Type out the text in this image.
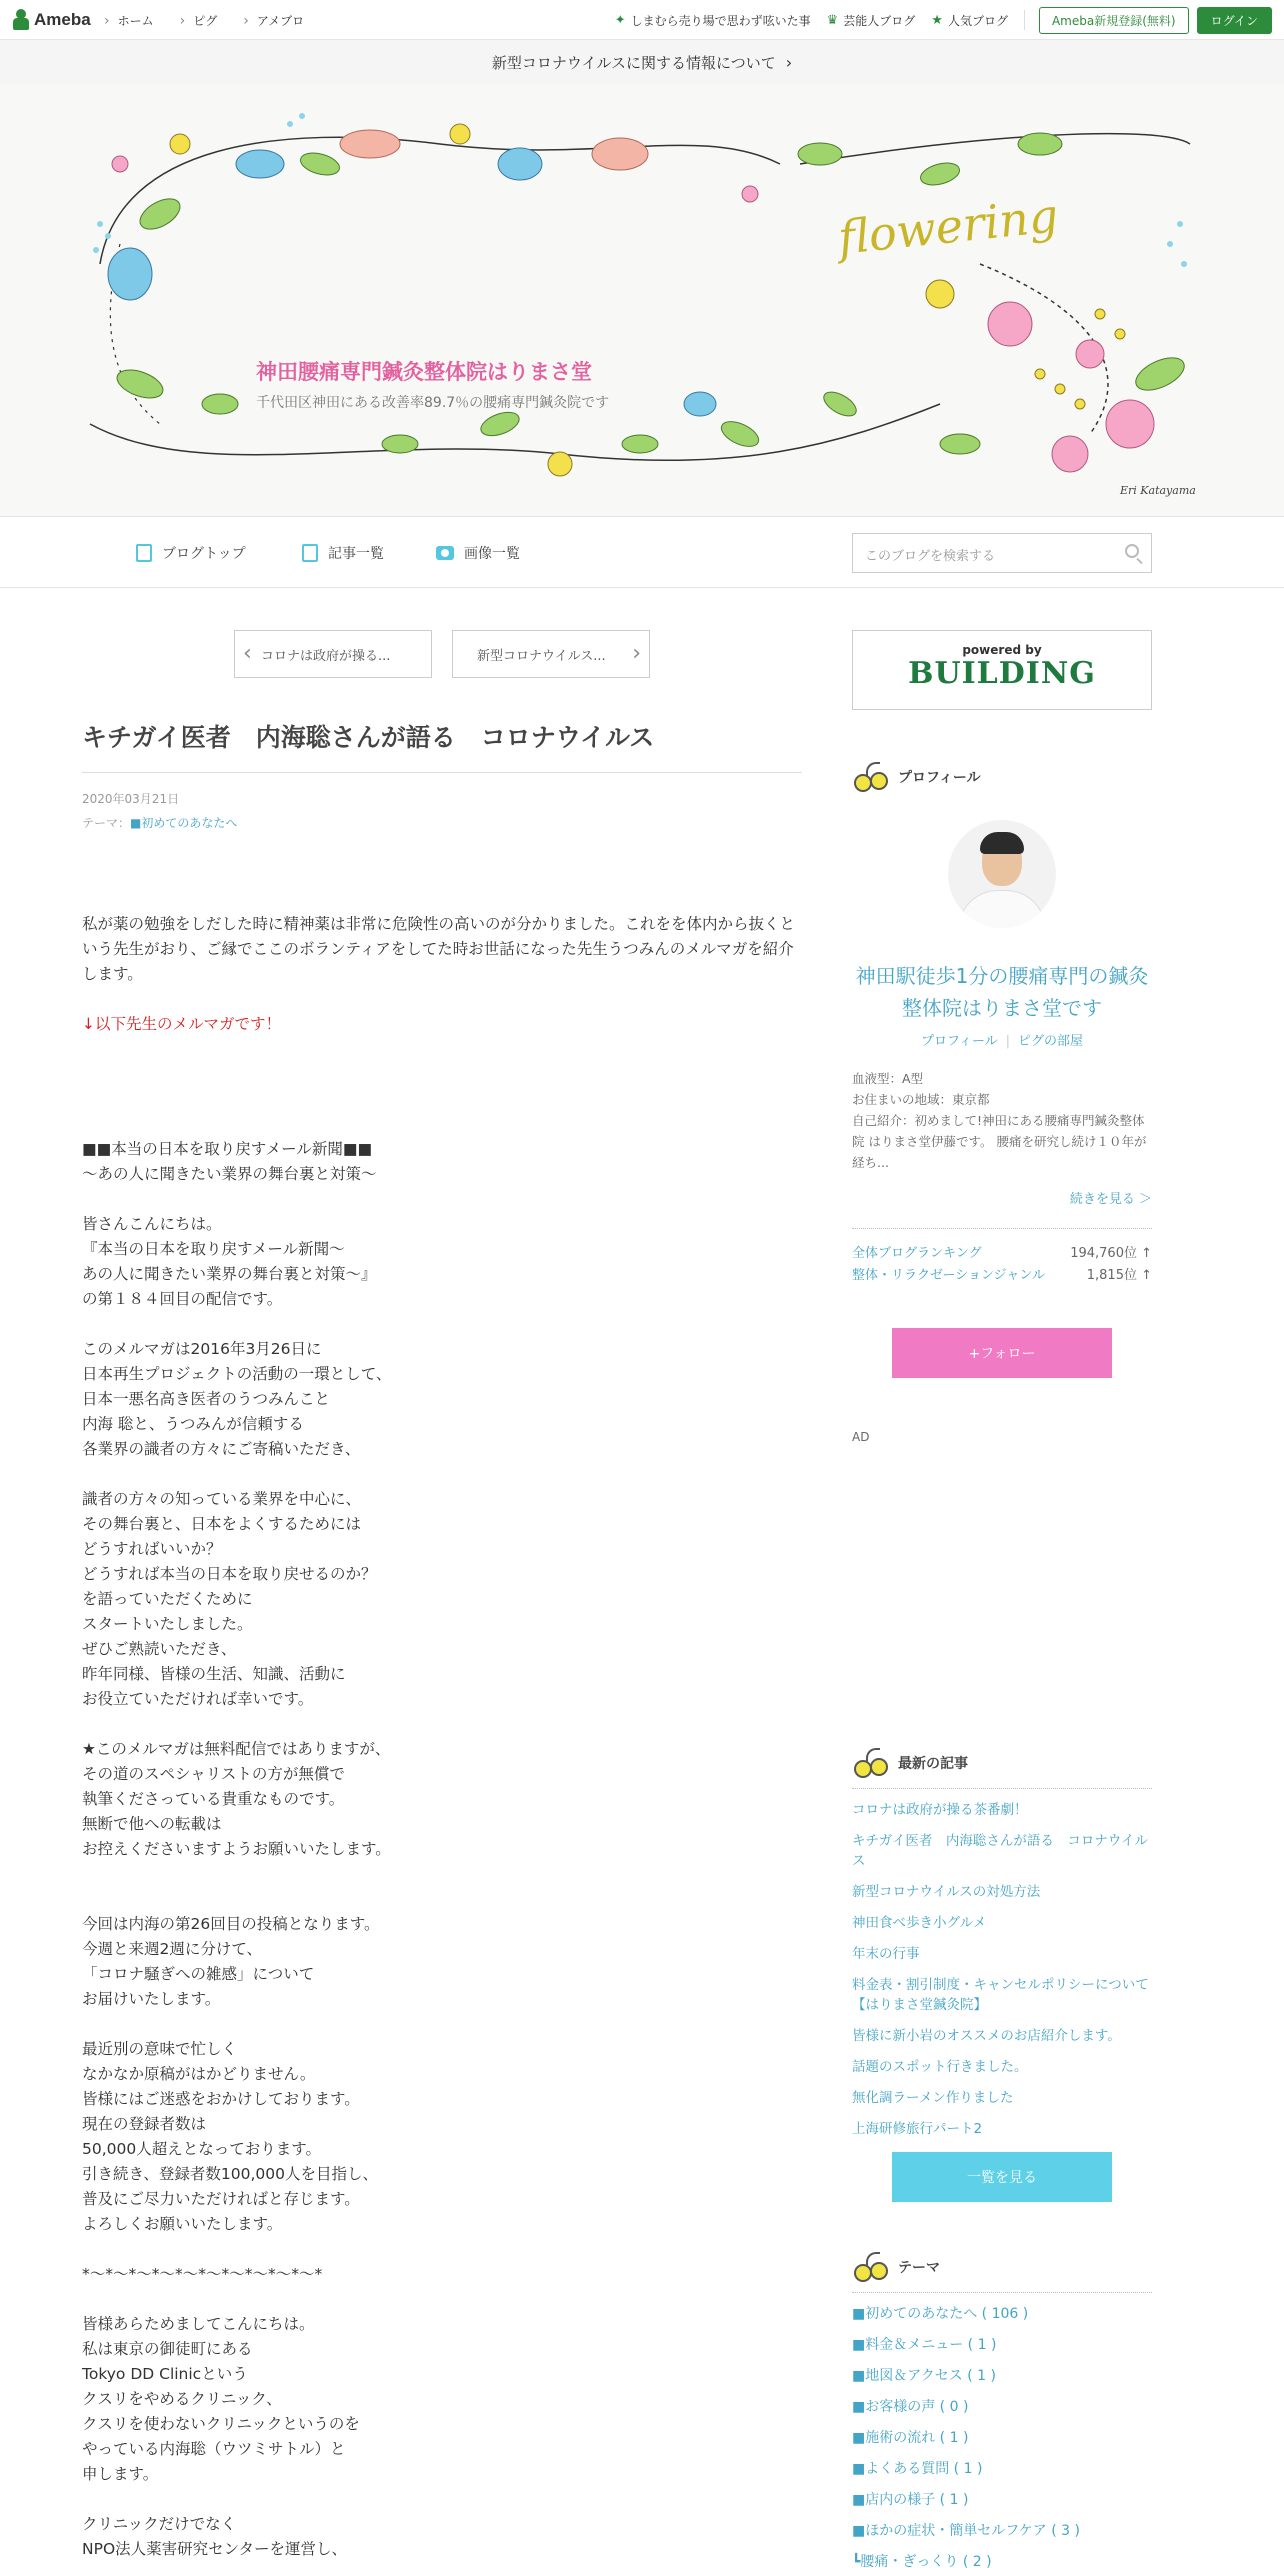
Ameba	› ホーム	› ピグ	› アメブロ	✦ しまむら売り場で思わず呟いた事 ♛ 芸能人ブログ ★ 人気ブログ	Ameba新規登録(無料)	ログイン
新型コロナウイルスに関する情報について ›
flowering
Eri Katayama
神田腰痛専門鍼灸整体院はりまさ堂
千代田区神田にある改善率89.7％の腰痛専門鍼灸院です
ブログトップ	記事一覧	画像一覧	このブログを検索する
‹ コロナは政府が操る...	新型コロナウイルス... ›
キチガイ医者　内海聡さんが語る　コロナウイルス
2020年03月21日
テーマ：■初めてのあなたへ

私が薬の勉強をしだした時に精神薬は非常に危険性の高いのが分かりました。これをを体内から抜くという先生がおり、ご縁でここのボランティアをしてた時お世話になった先生うつみんのメルマガを紹介します。

↓以下先生のメルマガです！

■■本当の日本を取り戻すメール新聞■■
〜あの人に聞きたい業界の舞台裏と対策〜

皆さんこんにちは。
『本当の日本を取り戻すメール新聞〜
あの人に聞きたい業界の舞台裏と対策〜』
の第１８４回目の配信です。

このメルマガは2016年3月26日に
日本再生プロジェクトの活動の一環として、
日本一悪名高き医者のうつみんこと
内海 聡と、うつみんが信頼する
各業界の識者の方々にご寄稿いただき、

識者の方々の知っている業界を中心に、
その舞台裏と、日本をよくするためには
どうすればいいか？
どうすれば本当の日本を取り戻せるのか？
を語っていただくために
スタートいたしました。
ぜひご熟読いただき、
昨年同様、皆様の生活、知識、活動に
お役立ていただければ幸いです。

★このメルマガは無料配信ではありますが、
その道のスペシャリストの方が無償で
執筆くださっている貴重なものです。
無断で他への転載は
お控えくださいますようお願いいたします。

今回は内海の第26回目の投稿となります。
今週と来週2週に分けて、
「コロナ騒ぎへの雑感」について
お届けいたします。

最近別の意味で忙しく
なかなか原稿がはかどりません。
皆様にはご迷惑をおかけしております。
現在の登録者数は
50,000人超えとなっております。
引き続き、登録者数100,000人を目指し、
普及にご尽力いただければと存じます。
よろしくお願いいたします。

*〜*〜*〜*〜*〜*〜*〜*〜*〜*〜*

皆様あらためましてこんにちは。
私は東京の御徒町にある
Tokyo DD Clinicという
クスリをやめるクリニック、
クスリを使わないクリニックというのを
やっている内海聡（ウツミサトル）と
申します。

クリニックだけでなく
NPO法人薬害研究センターを運営し、

powered by
BUILDING
プロフィール
神田駅徒歩1分の腰痛専門の鍼灸整体院はりまさ堂です
プロフィール | ピグの部屋
血液型：A型
お住まいの地域：東京都
自己紹介：初めまして!神田にある腰痛専門鍼灸整体院 はりまさ堂伊藤です。 腰痛を研究し続け１０年が経ち...
続きを見る ＞
全体ブログランキング	194,760位 ↑
整体・リラクゼーションジャンル	1,815位 ↑
+フォロー
AD
最新の記事
コロナは政府が操る茶番劇！
キチガイ医者　内海聡さんが語る　コロナウイルス
新型コロナウイルスの対処方法
神田食べ歩き小グルメ
年末の行事
料金表・割引制度・キャンセルポリシーについて　【はりまさ堂鍼灸院】
皆様に新小岩のオススメのお店紹介します。
話題のスポット行きました。
無化調ラーメン作りました
上海研修旅行パート2
一覧を見る
テーマ
■初めてのあなたへ ( 106 )
■料金＆メニュー ( 1 )
■地図＆アクセス ( 1 )
■お客様の声 ( 0 )
■施術の流れ ( 1 )
■よくある質問 ( 1 )
■店内の様子 ( 1 )
■ほかの症状・簡単セルフケア ( 3 )
┗腰痛・ぎっくり ( 2 )
